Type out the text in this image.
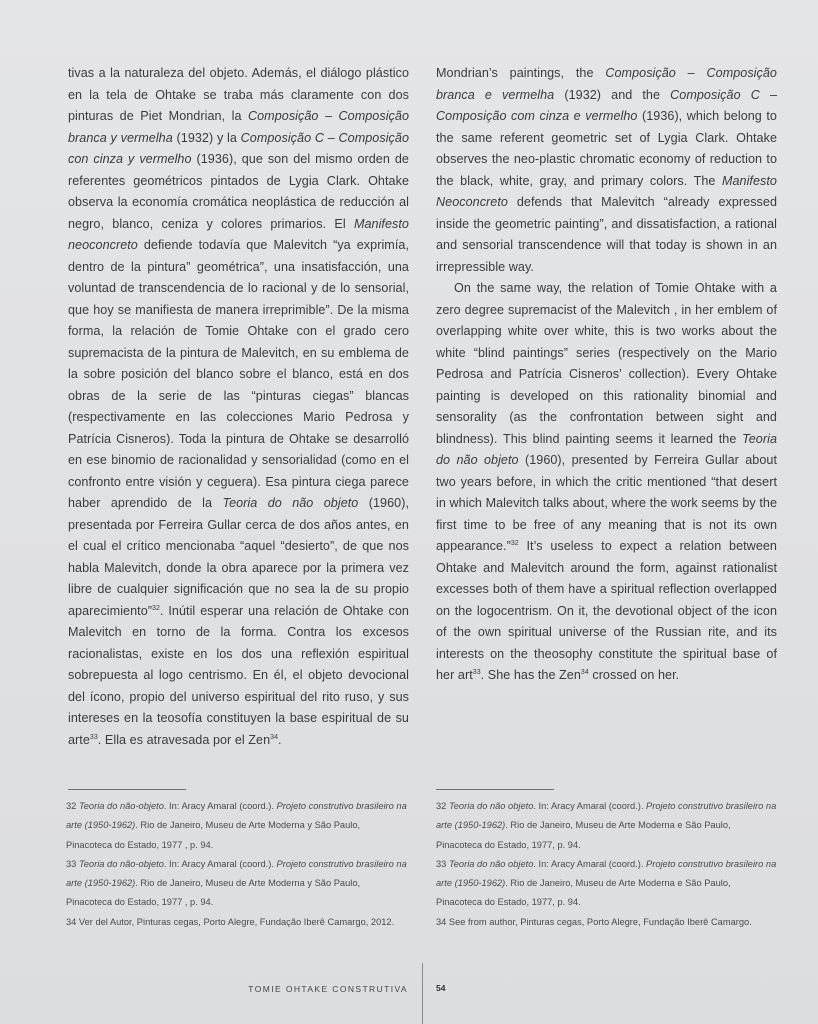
tivas a la naturaleza del objeto. Además, el diálogo plástico en la tela de Ohtake se traba más claramente con dos pinturas de Piet Mondrian, la Composição – Composição branca y vermelha (1932) y la Composição C – Composição con cinza y vermelho (1936), que son del mismo orden de referentes geométricos pintados de Lygia Clark. Ohtake observa la economía cromática neoplástica de reducción al negro, blanco, ceniza y colores primarios. El Manifesto neoconcreto defiende todavía que Malevitch “ya exprimía, dentro de la pintura” geométrica”, una insatisfacción, una voluntad de transcendencia de lo racional y de lo sensorial, que hoy se manifiesta de manera irreprimible”. De la misma forma, la relación de Tomie Ohtake con el grado cero supremacista de la pintura de Malevitch, en su emblema de la sobre posición del blanco sobre el blanco, está en dos obras de la serie de las “pinturas ciegas” blancas (respectivamente en las colecciones Mario Pedrosa y Patrícia Cisneros). Toda la pintura de Ohtake se desarrolló en ese binomio de racionalidad y sensorialidad (como en el confronto entre visión y ceguera). Esa pintura ciega parece haber aprendido de la Teoria do não objeto (1960), presentada por Ferreira Gullar cerca de dos años antes, en el cual el crítico mencionaba “aquel “desierto”, de que nos habla Malevitch, donde la obra aparece por la primera vez libre de cualquier significación que no sea la de su propio aparecimiento”$^{32}$. Inútil esperar una relación de Ohtake con Malevitch en torno de la forma. Contra los excesos racionalistas, existe en los dos una reflexión espiritual sobrepuesta al logo centrismo. En él, el objeto devocional del ícono, propio del universo espiritual del rito ruso, y sus intereses en la teosofía constituyen la base espiritual de su arte$^{33}$. Ella es atravesada por el Zen$^{34}$.

Mondrian’s paintings, the Composição – Composição branca e vermelha (1932) and the Composição C – Composição com cinza e vermelho (1936), which belong to the same referent geometric set of Lygia Clark. Ohtake observes the neo-plastic chromatic economy of reduction to the black, white, gray, and primary colors. The Manifesto Neoconcreto defends that Malevitch “already expressed inside the geometric painting”, and dissatisfaction, a rational and sensorial transcendence will that today is shown in an irrepressible way.

On the same way, the relation of Tomie Ohtake with a zero degree supremacist of the Malevitch , in her emblem of overlapping white over white, this is two works about the white “blind paintings” series (respectively on the Mario Pedrosa and Patrícia Cisneros’ collection). Every Ohtake painting is developed on this rationality binomial and sensorality (as the confrontation between sight and blindness). This blind painting seems it learned the Teoria do não objeto (1960), presented by Ferreira Gullar about two years before, in which the critic mentioned “that desert in which Malevitch talks about, where the work seems by the first time to be free of any meaning that is not its own appearance.”$^{32}$ It’s useless to expect a relation between Ohtake and Malevitch around the form, against rationalist excesses both of them have a spiritual reflection overlapped on the logocentrism. On it, the devotional object of the icon of the own spiritual universe of the Russian rite, and its interests on the theosophy constitute the spiritual base of her art$^{33}$. She has the Zen$^{34}$ crossed on her.

32 Teoria do não-objeto. In: Aracy Amaral (coord.). Projeto construtivo brasileiro na arte (1950-1962). Rio de Janeiro, Museu de Arte Moderna y São Paulo, Pinacoteca do Estado, 1977 , p. 94.

33 Teoria do não-objeto. In: Aracy Amaral (coord.). Projeto construtivo brasileiro na arte (1950-1962). Rio de Janeiro, Museu de Arte Moderna y São Paulo, Pinacoteca do Estado, 1977 , p. 94.

34 Ver del Autor, Pinturas cegas, Porto Alegre, Fundação Iberê Camargo, 2012.

32 Teoria do não objeto. In: Aracy Amaral (coord.). Projeto construtivo brasileiro na arte (1950-1962). Rio de Janeiro, Museu de Arte Moderna e São Paulo, Pinacoteca do Estado, 1977, p. 94.

33 Teoria do não objeto. In: Aracy Amaral (coord.). Projeto construtivo brasileiro na arte (1950-1962). Rio de Janeiro, Museu de Arte Moderna e São Paulo, Pinacoteca do Estado, 1977, p. 94.

34 See from author, Pinturas cegas, Porto Alegre, Fundação Iberê Camargo.

TOMIE OHTAKE CONSTRUTIVA	54
